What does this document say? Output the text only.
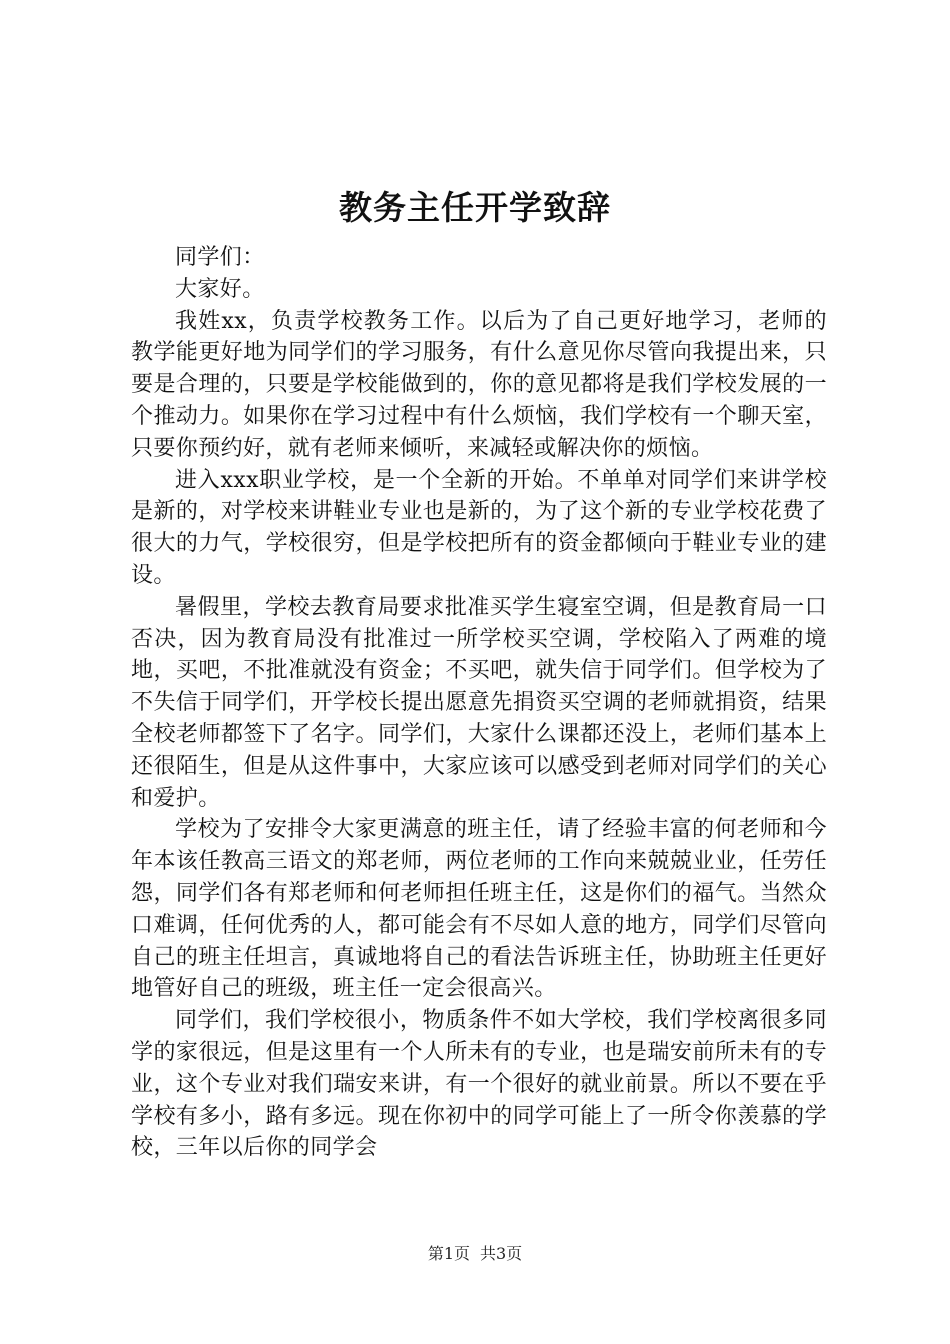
教务主任开学致辞

同学们：

大家好。

我姓xx，负责学校教务工作。以后为了自己更好地学习，老师的教学能更好地为同学们的学习服务，有什么意见你尽管向我提出来，只要是合理的，只要是学校能做到的，你的意见都将是我们学校发展的一个推动力。如果你在学习过程中有什么烦恼，我们学校有一个聊天室，只要你预约好，就有老师来倾听，来减轻或解决你的烦恼。

进入xxx职业学校，是一个全新的开始。不单单对同学们来讲学校是新的，对学校来讲鞋业专业也是新的，为了这个新的专业学校花费了很大的力气，学校很穷，但是学校把所有的资金都倾向于鞋业专业的建设。

暑假里，学校去教育局要求批准买学生寝室空调，但是教育局一口否决，因为教育局没有批准过一所学校买空调，学校陷入了两难的境地，买吧，不批准就没有资金；不买吧，就失信于同学们。但学校为了不失信于同学们，开学校长提出愿意先捐资买空调的老师就捐资，结果全校老师都签下了名字。同学们，大家什么课都还没上，老师们基本上还很陌生，但是从这件事中，大家应该可以感受到老师对同学们的关心和爱护。

学校为了安排令大家更满意的班主任，请了经验丰富的何老师和今年本该任教高三语文的郑老师，两位老师的工作向来兢兢业业，任劳任怨，同学们各有郑老师和何老师担任班主任，这是你们的福气。当然众口难调，任何优秀的人，都可能会有不尽如人意的地方，同学们尽管向自己的班主任坦言，真诚地将自己的看法告诉班主任，协助班主任更好地管好自己的班级，班主任一定会很高兴。

同学们，我们学校很小，物质条件不如大学校，我们学校离很多同学的家很远，但是这里有一个人所未有的专业，也是瑞安前所未有的专业，这个专业对我们瑞安来讲，有一个很好的就业前景。所以不要在乎学校有多小，路有多远。现在你初中的同学可能上了一所令你羡慕的学校，三年以后你的同学会

第1页 共3页
